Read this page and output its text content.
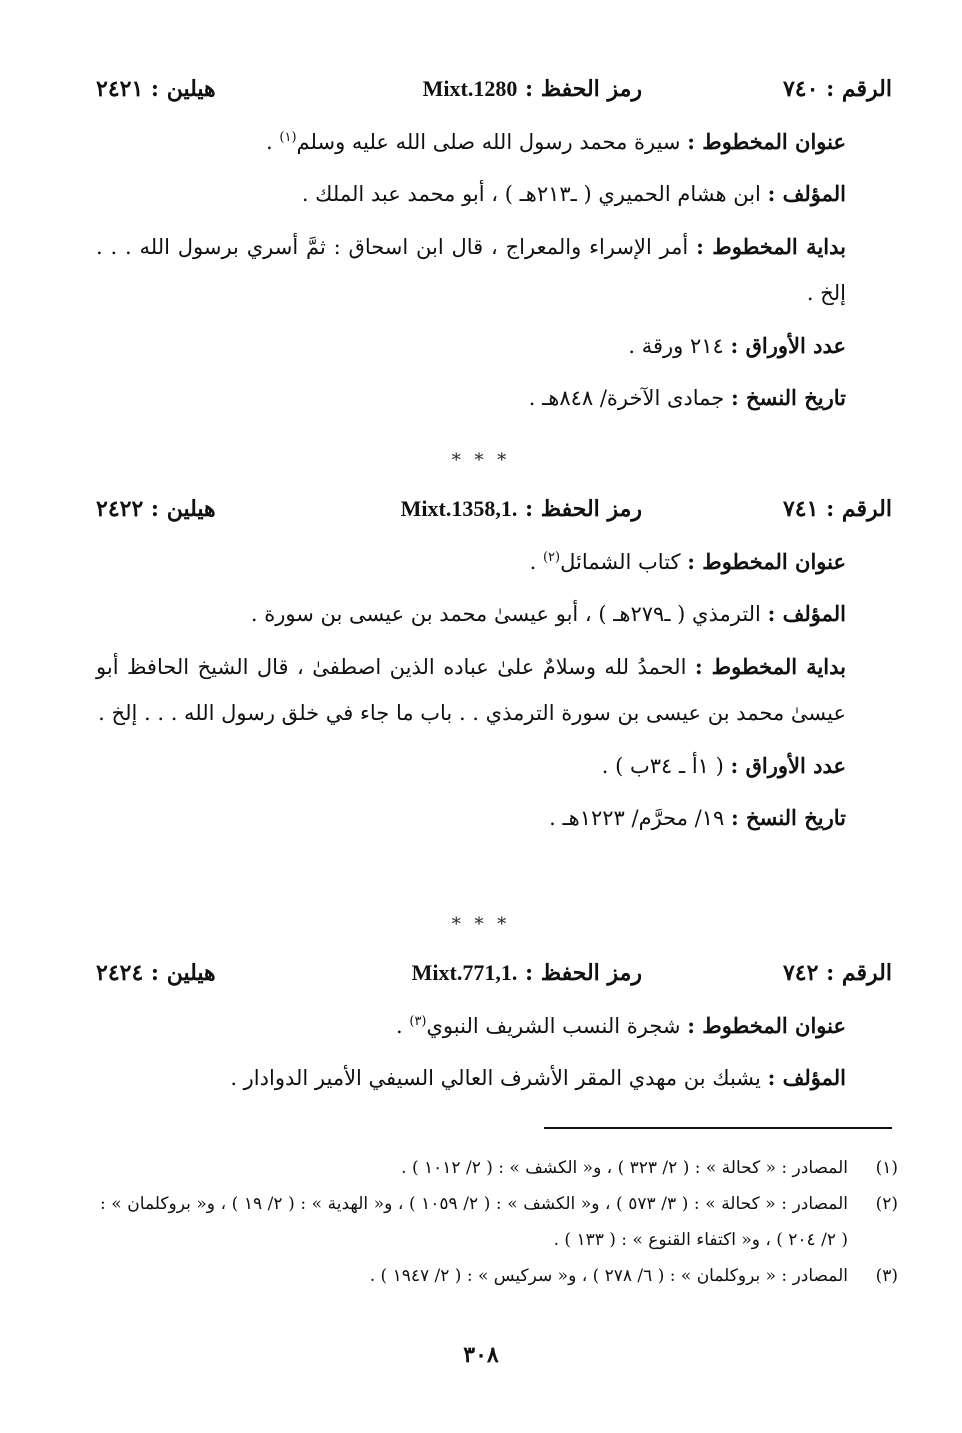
الرقم : ٧٤٠
رمز الحفظ : Mixt.1280
هيلين : ٢٤٢١
عنوان المخطوط : سيرة محمد رسول الله صلى الله عليه وسلم$^{(١)}$ .
المؤلف : ابن هشام الحميري ( ـ٢١٣هـ ) ، أبو محمد عبد الملك .
بداية المخطوط : أمر الإسراء والمعراج ، قال ابن اسحاق : ثمَّ أسري برسول الله . . . إلخ .
عدد الأوراق : ٢١٤ ورقة .
تاريخ النسخ : جمادى الآخرة/ ٨٤٨هـ .
* * *
الرقم : ٧٤١
رمز الحفظ : Mixt.1358,1.
هيلين : ٢٤٢٢
عنوان المخطوط : كتاب الشمائل$^{(٢)}$ .
المؤلف : الترمذي ( ـ٢٧٩هـ ) ، أبو عيسىٰ محمد بن عيسى بن سورة .
بداية المخطوط : الحمدُ لله وسلامٌ علىٰ عباده الذين اصطفىٰ ، قال الشيخ الحافظ أبو عيسىٰ محمد بن عيسى بن سورة الترمذي . . باب ما جاء في خلق رسول الله . . . إلخ .
عدد الأوراق : ( ١أ ـ ٣٤ب ) .
تاريخ النسخ : ١٩/ محرَّم/ ١٢٢٣هـ .
* * *
الرقم : ٧٤٢
رمز الحفظ : Mixt.771,1.
هيلين : ٢٤٢٤
عنوان المخطوط : شجرة النسب الشريف النبوي$^{(٣)}$ .
المؤلف : يشبك بن مهدي المقر الأشرف العالي السيفي الأمير الدوادار .
(١)
المصادر : « كحالة » : ( ٢/ ٣٢٣ ) ، و« الكشف » : ( ٢/ ١٠١٢ ) .
(٢)
المصادر : « كحالة » : ( ٣/ ٥٧٣ ) ، و« الكشف » : ( ٢/ ١٠٥٩ ) ، و« الهدية » : ( ٢/ ١٩ ) ، و« بروكلمان » : ( ٢/ ٢٠٤ ) ، و« اكتفاء القنوع » : ( ١٣٣ ) .
(٣)
المصادر : « بروكلمان » : ( ٦/ ٢٧٨ ) ، و« سركيس » : ( ٢/ ١٩٤٧ ) .
٣٠٨
